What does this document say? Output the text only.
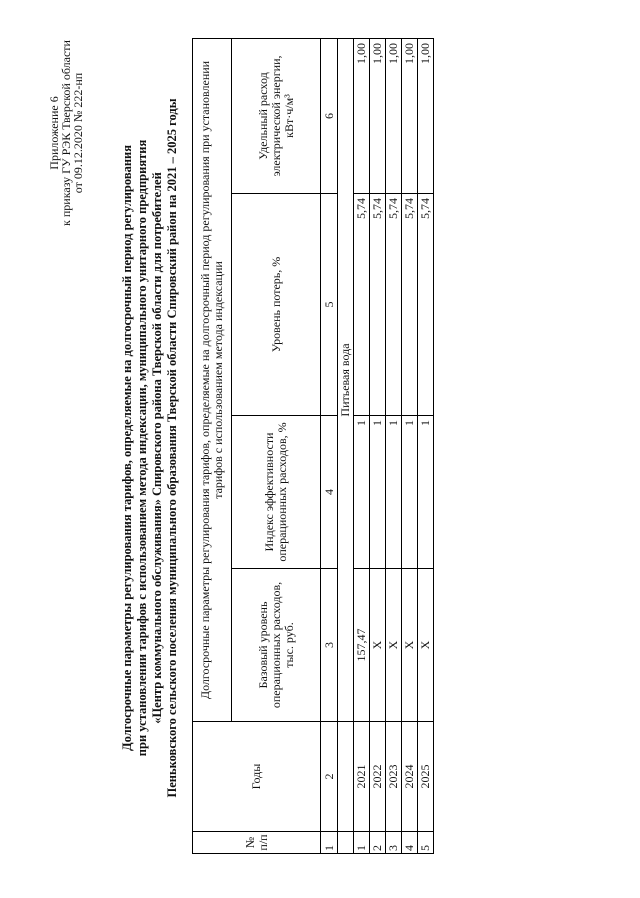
Приложение 6
к приказу ГУ РЭК Тверской области
от 09.12.2020 № 222-нп
Долгосрочные параметры регулирования тарифов, определяемые на долгосрочный период регулирования при установлении тарифов с использованием метода индексации, муниципального унитарного предприятия «Центр коммунального обслуживания» Спировского района Тверской области для потребителей Пеньковского сельского поселения муниципального образования Тверской области Спировский район на 2021 – 2025 годы
№ п/п	Годы	Долгосрочные параметры регулирования тарифов, определяемые на долгосрочный период регулирования при установлении тарифов с использованием метода индексации			
		Базовый уровень операционных расходов, тыс. руб.	Индекс эффективности операционных расходов, %	Уровень потерь, %	Удельный расход электрической энергии, кВт·ч/м³
1	2	3	4	5	6
		Питьевая вода			
1	2021	157,47	1	5,74	1,00
2	2022	Х	1	5,74	1,00
3	2023	Х	1	5,74	1,00
4	2024	Х	1	5,74	1,00
5	2025	Х	1	5,74	1,00
